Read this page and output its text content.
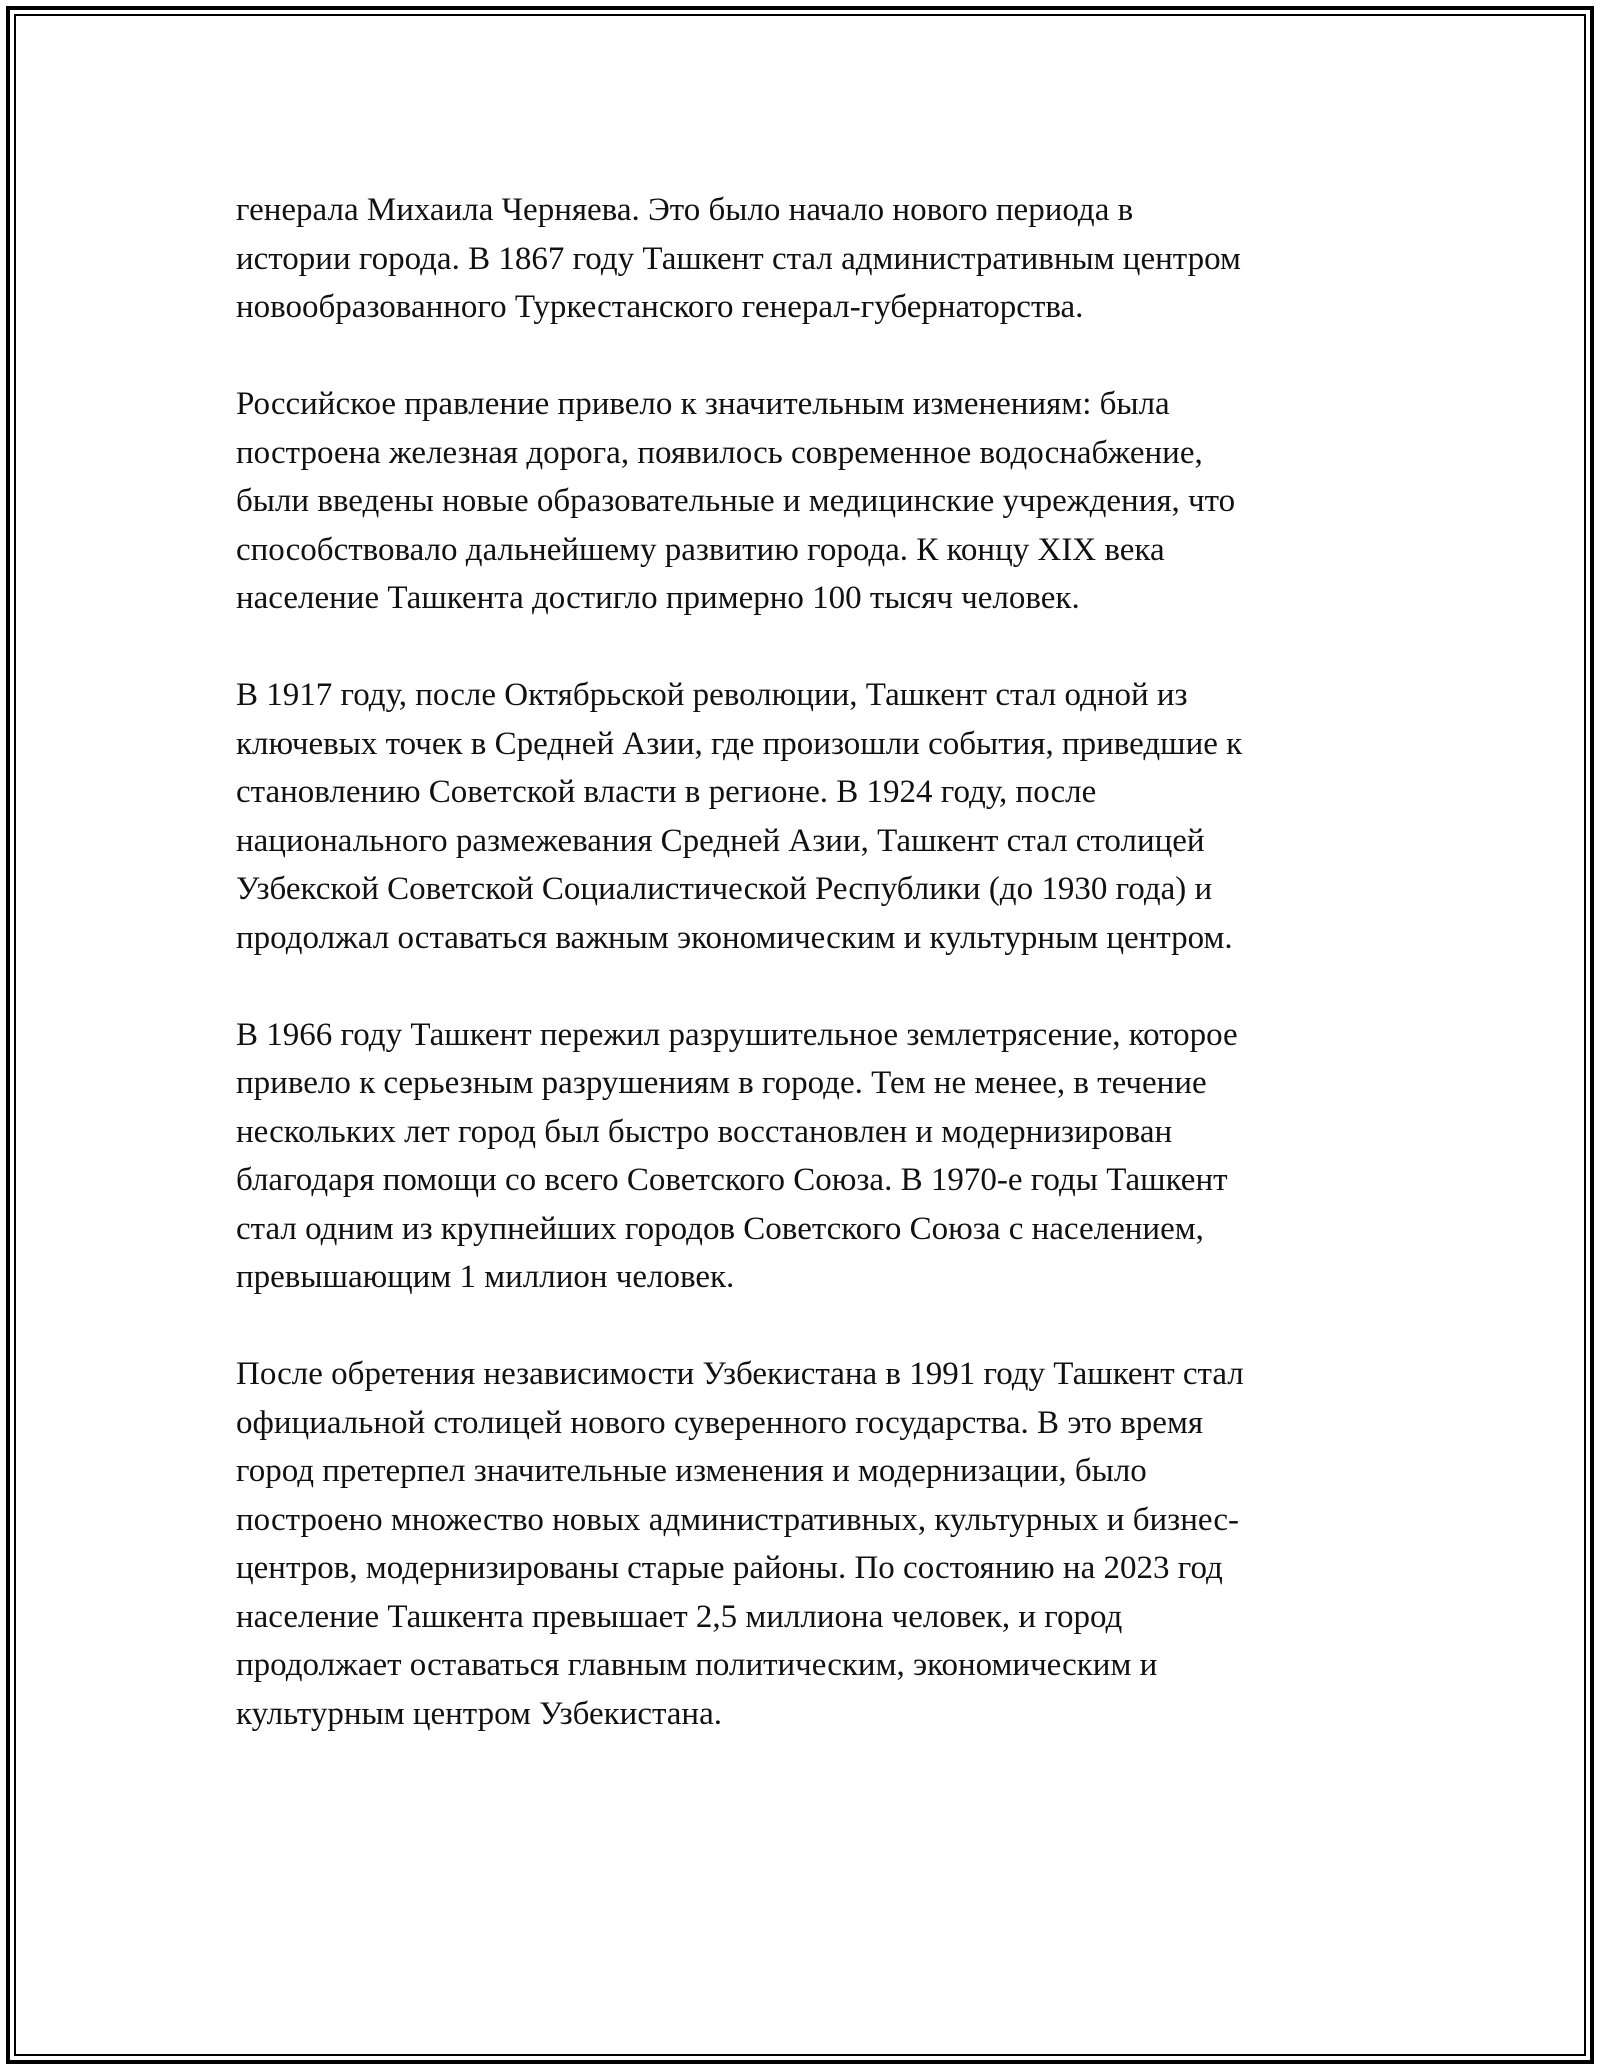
генерала Михаила Черняева. Это было начало нового периода в
истории города. В 1867 году Ташкент стал административным центром
новообразованного Туркестанского генерал-губернаторства.

Российское правление привело к значительным изменениям: была
построена железная дорога, появилось современное водоснабжение,
были введены новые образовательные и медицинские учреждения, что
способствовало дальнейшему развитию города. К концу XIX века
население Ташкента достигло примерно 100 тысяч человек.

В 1917 году, после Октябрьской революции, Ташкент стал одной из
ключевых точек в Средней Азии, где произошли события, приведшие к
становлению Советской власти в регионе. В 1924 году, после
национального размежевания Средней Азии, Ташкент стал столицей
Узбекской Советской Социалистической Республики (до 1930 года) и
продолжал оставаться важным экономическим и культурным центром.

В 1966 году Ташкент пережил разрушительное землетрясение, которое
привело к серьезным разрушениям в городе. Тем не менее, в течение
нескольких лет город был быстро восстановлен и модернизирован
благодаря помощи со всего Советского Союза. В 1970-е годы Ташкент
стал одним из крупнейших городов Советского Союза с населением,
превышающим 1 миллион человек.

После обретения независимости Узбекистана в 1991 году Ташкент стал
официальной столицей нового суверенного государства. В это время
город претерпел значительные изменения и модернизации, было
построено множество новых административных, культурных и бизнес-
центров, модернизированы старые районы. По состоянию на 2023 год
население Ташкента превышает 2,5 миллиона человек, и город
продолжает оставаться главным политическим, экономическим и
культурным центром Узбекистана.
